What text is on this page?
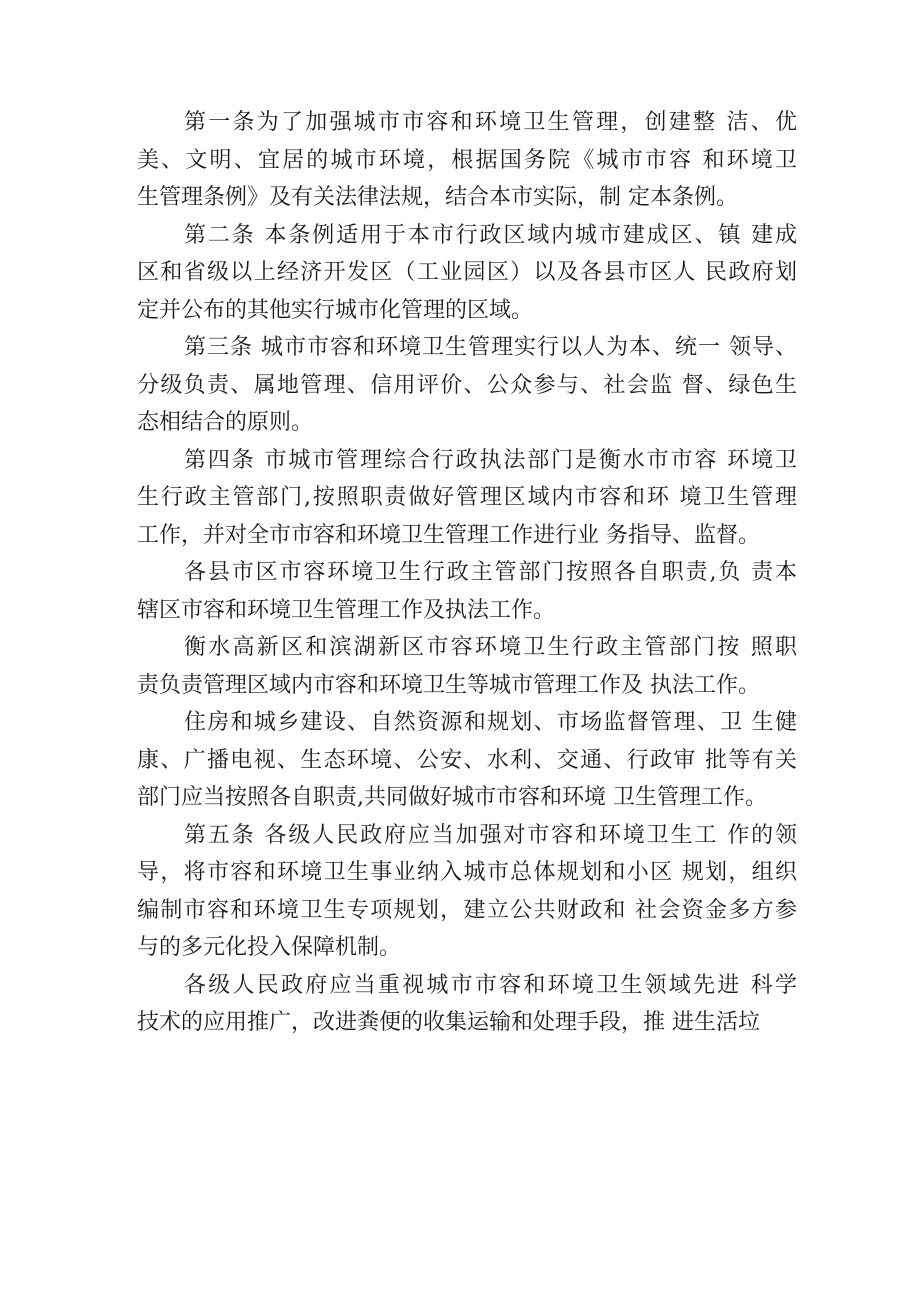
第一条为了加强城市市容和环境卫生管理，创建整 洁、优
美、文明、宜居的城市环境，根据国务院《城市市容 和环境卫
生管理条例》及有关法律法规，结合本市实际，制 定本条例。
第二条 本条例适用于本市行政区域内城市建成区、镇 建成
区和省级以上经济开发区（工业园区）以及各县市区人 民政府划
定并公布的其他实行城市化管理的区域。
第三条 城市市容和环境卫生管理实行以人为本、统一 领导、
分级负责、属地管理、信用评价、公众参与、社会监 督、绿色生
态相结合的原则。
第四条 市城市管理综合行政执法部门是衡水市市容 环境卫
生行政主管部门,按照职责做好管理区域内市容和环 境卫生管理
工作，并对全市市容和环境卫生管理工作进行业 务指导、监督。
各县市区市容环境卫生行政主管部门按照各自职责,负 责本
辖区市容和环境卫生管理工作及执法工作。
衡水高新区和滨湖新区市容环境卫生行政主管部门按 照职
责负责管理区域内市容和环境卫生等城市管理工作及 执法工作。
住房和城乡建设、自然资源和规划、市场监督管理、卫 生健
康、广播电视、生态环境、公安、水利、交通、行政审 批等有关
部门应当按照各自职责,共同做好城市市容和环境 卫生管理工作。
第五条 各级人民政府应当加强对市容和环境卫生工 作的领
导，将市容和环境卫生事业纳入城市总体规划和小区 规划，组织
编制市容和环境卫生专项规划，建立公共财政和 社会资金多方参
与的多元化投入保障机制。
各级人民政府应当重视城市市容和环境卫生领域先进 科学
技术的应用推广，改进粪便的收集运输和处理手段，推 进生活垃
